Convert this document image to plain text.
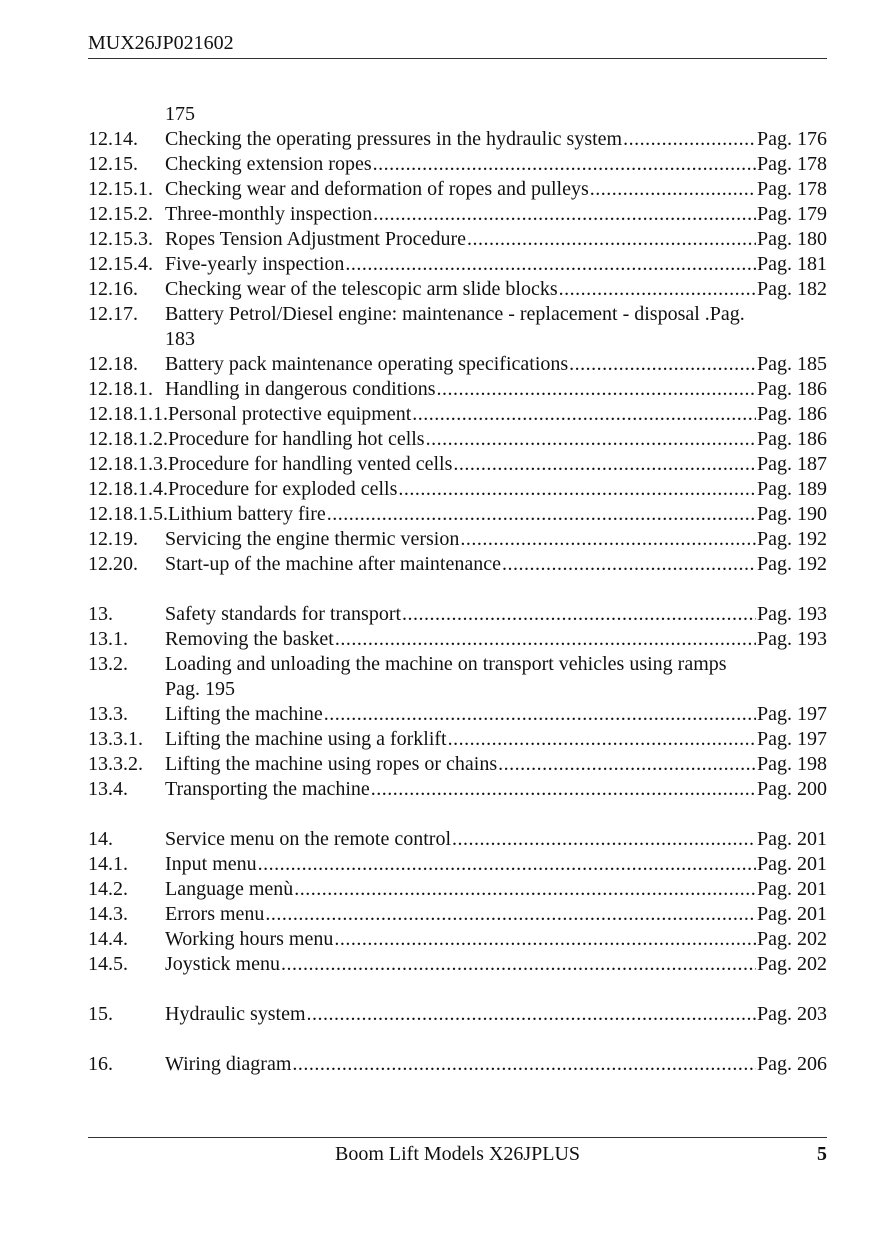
MUX26JP021602
175
12.14.	Checking the operating pressures in the hydraulic system .....	Pag. 176
12.15.	Checking extension ropes .....	Pag. 178
12.15.1. Checking wear and deformation of ropes and pulleys .....	Pag. 178
12.15.2. Three-monthly inspection .....	Pag. 179
12.15.3. Ropes Tension Adjustment Procedure .....	Pag. 180
12.15.4. Five-yearly inspection .....	Pag. 181
12.16.	Checking wear of the telescopic arm slide blocks .....	Pag. 182
12.17.	Battery Petrol/Diesel engine: maintenance - replacement - disposal .Pag.
183
12.18.	Battery pack maintenance operating specifications .....	Pag. 185
12.18.1. Handling in dangerous conditions .....	Pag. 186
12.18.1.1. Personal protective equipment .....	Pag. 186
12.18.1.2. Procedure for handling hot cells .....	Pag. 186
12.18.1.3. Procedure for handling vented cells .....	Pag. 187
12.18.1.4. Procedure for exploded cells .....	Pag. 189
12.18.1.5. Lithium battery fire .....	Pag. 190
12.19.	Servicing the engine thermic version .....	Pag. 192
12.20.	Start-up of the machine after maintenance .....	Pag. 192
13.	Safety standards for transport .....	Pag. 193
13.1.	Removing the basket .....	Pag. 193
13.2.	Loading and unloading the machine on transport vehicles using ramps
Pag. 195
13.3.	Lifting the machine .....	Pag. 197
13.3.1.	Lifting the machine using a forklift .....	Pag. 197
13.3.2.	Lifting the machine using ropes or chains .....	Pag. 198
13.4.	Transporting the machine .....	Pag. 200
14.	Service menu on the remote control .....	Pag. 201
14.1.	Input menu .....	Pag. 201
14.2.	Language menù .....	Pag. 201
14.3.	Errors menu .....	Pag. 201
14.4.	Working hours menu .....	Pag. 202
14.5.	Joystick menu .....	Pag. 202
15.	Hydraulic system .....	Pag. 203
16.	Wiring diagram .....	Pag. 206
Boom Lift Models X26JPLUS	5
